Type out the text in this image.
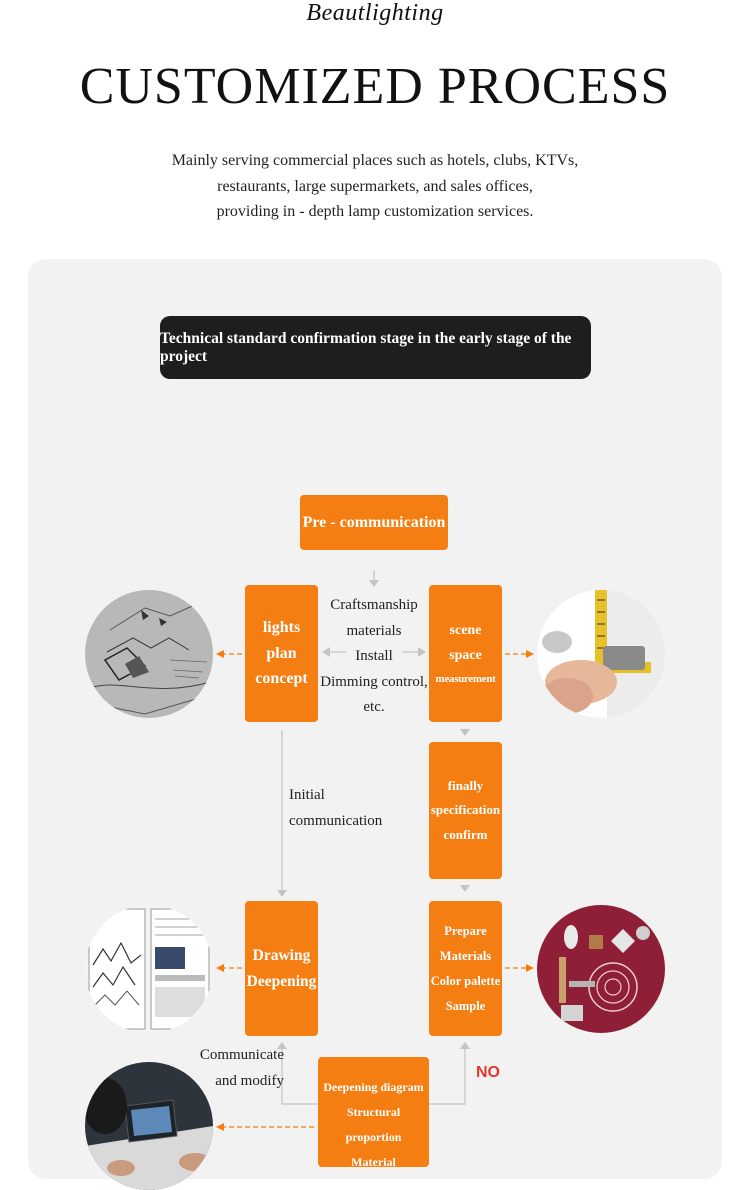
Beautlighting
CUSTOMIZED PROCESS
Mainly serving commercial places such as hotels, clubs, KTVs,
restaurants, large supermarkets, and sales offices,
providing in - depth lamp customization services.
Technical standard confirmation stage in the early stage of the project
Pre - communication
lights
plan
concept
scene
space
measurement
Craftsmanship
materials
Install
Dimming control,
etc.
Initial
communication
finally
specification
confirm
Drawing
Deepening
Prepare
Materials
Color palette
Sample
Communicate
and modify	NO
Deepening diagram
Structural proportion
Material
